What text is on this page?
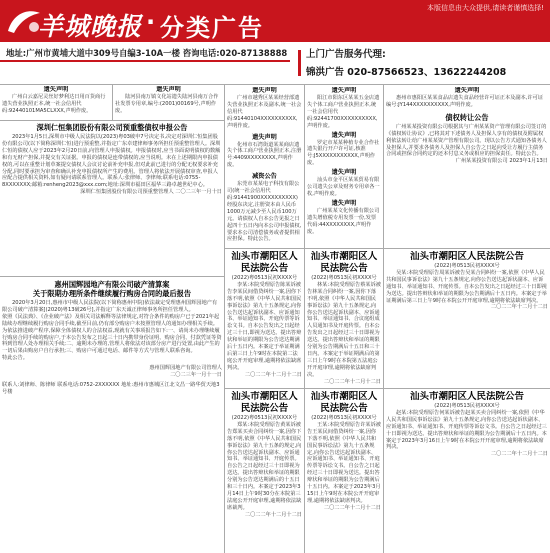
羊城晚报 · 分类广告
本版信息由大众提供,请读者谨慎选择!
地址:广州市黄埔大道中309号自编3-10A一楼 咨询电话:020-87138888	上门广告服务代理:
锦洪广告 020-87566523、13622244208
遗失声明
广州白云嘉尼灵丝好梦利达日用百货商行遗失营业执照正本,统一社会信用代码:92440101MA5CLXXX,声明作废。
遗失声明
陆河县南万镇文化站遗失陆河县南万合作社发票专用章,编号:(2001)00169号,声明作废。
深圳仁恒集团股份有限公司预重整债权申报公告
2023年1月5日,深圳市中级人民法院以(2023)粤03破申7号决定书,决定对深圳仁恒集团股份有限公司(以下简称深圳仁恒)进行预重整,并指定广东卓建律师事务所担任预重整管理人。深圳仁恒的债权人应于2023年2月20日前,向管理人申报债权。申报债权时,应当书面说明债权的数额和有无财产担保,并提交有关证据。申报的债权是连带债权的,应当说明。未在上述期限内申报债权的,可以在重整计划草案提交债权人会议讨论前补充申报,但对此前已进行的分配无权要求补充分配,同时要承担为审查和确认补充申报债权所产生的费用。管理人将依法开展债权审查,申报人应配合提供相关资料,如有疑问请联系管理人。联系人:张律师、李律师;联系电话:0755-8XXXXXXX;邮箱:renheng2023@xxx.com;地址:深圳市福田区福华三路卓越世纪中心。
深圳仁恒集团股份有限公司预重整管理人 二〇二三年一月十日
惠州国辉园地产有限公司破产清算案
关于限期办理所条件继续履行购房合同的最后报告
2020年3月20日,惠州市中级人民法院(以下简称惠州中院)依法裁定受理惠州国辉园地产有限公司破产清算案[(2020)粤13破26号],并指定广东天诚正律师事务所担任管理人。
依照《民法典》、《企业破产法》及相关司法解释等法律规定,对符合条件的购房户已于2021年起陆续办理继续履行购房合同手续,截至目前,仍有部分购房户未按照管理人的通知办理相关手续。为依法推进破产程序,保障全体债权人的合法权益,现就有关事项报告如下:一、请尚未办理继续履行购房合同手续的购房户,于本公告发布之日起三十日内携带身份证明、购房合同、付款凭证等资料到管理人处办理相关手续;二、逾期未办理的,管理人将依法对该部分房产进行处置,由此产生的一切后果由购房户自行承担;三、购房户可通过电话、邮件等方式与管理人联系咨询。
特此公告。
惠州国辉园地产有限公司管理人
二〇二三年一月十一日
联系人:刘律师、陈律师 联系电话:0752-2XXXXXX 地址:惠州市惠城区江北文昌一路华贸天地3号楼
遗失声明
广州市越秀区某某经营部遗失营业执照正本及副本,统一社会信用代码:91440104XXXXXXXXXX,声明作废。
遗失声明
化州市石湾街道某某商店遗失个体工商户营业执照正本,注册号:4409XXXXXXXX,声明作废。
减资公告
东莞市某某电子科技有限公司(统一社会信用代码:91441900XXXXXXXXXX)经股东决定,注册资本由人民币1000万元减少至人民币100万元。请债权人自本公告见报之日起四十五日内向本公司申报债权,要求本公司清偿债务或者提供相应担保。特此公告。
汕头市潮阳区人民法院公告
(2022)粤0513民初XXXX号
李某:本院受理原告陈某诉被告李某民间借贷纠纷一案,因你下落不明,依照《中华人民共和国民事诉讼法》第九十五条规定,向你公告送达起诉状副本、应诉通知书、举证通知书、开庭传票等诉讼文书。自本公告发出之日起经过三十日,即视为送达。提出答辩状和举证的期限为公告送达期满后十五日内。本案定于举证期满后第三日上午9时在本院第二法庭公开开庭审理,逾期将依法缺席判决。
二〇二二年十二月十二日
汕头市潮阳区人民法院公告
(2022)粤0513民初XXXX号
郑某:本院受理原告黄某诉被告郑某买卖合同纠纷一案,因你下落不明,依照《中华人民共和国民事诉讼法》第九十五条的规定,向你公告送达起诉状副本、应诉通知书、举证通知书、开庭传票。自公告之日起经过三十日即视为送达。提出答辩状和举证的期限分别为公告送达期满后的十五日和三十日内。本案定于2023年3月14日上午9时30分在本院第三法庭公开开庭审理,逾期将依法缺席裁判。
二〇二二年十二月十二日
遗失声明
阳江市阳东区某某五金店遗失个体工商户营业执照正本,统一社会信用代码:92441700XXXXXXXXXX,声明作废。
遗失声明
罗定市某某种植专业合作社遗失银行开户许可证,核准号:J5XXXXXXXXXXX,声明作废。
遗失声明
汕头市金平区某某贸易有限公司遗失公章及财务专用章各一枚,声明作废。
遗失声明
广州某某文化传播有限公司遗失增值税专用发票一份,发票代码:44XXXXXXXX,声明作废。
汕头市潮阳区人民法院公告
(2022)粤0513民初XXXX号
林某:本院受理原告蔡某诉被告林某合同纠纷一案,因你下落不明,依照《中华人民共和国民事诉讼法》第九十五条规定,向你公告送达起诉状副本、应诉通知书、举证通知书、合议庭组成人员通知书及开庭传票。自本公告发出之日起经过三十日即视为送达。提出答辩状和举证的期限分别为公告期满后十五日和三十日内。本案定于举证期满后的第三日上午9时在本院第五法庭公开开庭审理,逾期将依法缺席判决。
二〇二二年十二月十二日
汕头市潮阳区人民法院公告
(2022)粤0513民初XXXX号
王某:本院受理原告许某诉被告王某民间借贷纠纷一案,因你下落不明,依照《中华人民共和国民事诉讼法》第九十五条规定,向你公告送达起诉状副本、应诉通知书、举证通知书、开庭传票等诉讼文书。自公告之日起经过三十日即视为送达。提出答辩状和举证的期限为公告期满后十五日内。本案定于2023年3月15日上午9时在本院公开开庭审理,逾期将依法缺席判决。
二〇二二年十二月十二日
遗失声明
惠州市惠阳区某某食品店遗失食品经营许可证正本及副本,许可证编号:JY144XXXXXXXXXX,声明作废。
债权转让公告
广州某某投资有限公司根据其与广州某某资产管理有限公司签订的《债权转让协议》,已将其对下述债务人及担保人享有的债权及附属权利依法转让给广州某某资产管理有限公司。现以公告方式通知各债务人及担保人,并要求各债务人及担保人自公告之日起向受让方履行主债务合同或担保合同约定的还本付息义务或相应的担保责任。特此公告。
广州某某投资有限公司 2023年1月13日
汕头市潮阳区人民法院公告
(2022)粤0513民初XXXX号
吴某:本院受理原告周某诉被告吴某合同纠纷一案,依照《中华人民共和国民事诉讼法》第九十五条规定,向你公告送达起诉状副本、应诉通知书、举证通知书、开庭传票。自本公告发出之日起经过三十日即视为送达。提出答辩状和举证的期限为公告期满后十五日内。本案定于举证期满后第三日上午9时在本院公开开庭审理,逾期将依法缺席判决。
二〇二二年十二月十二日
汕头市潮阳区人民法院公告
(2022)粤0513民初XXXX号
赵某:本院受理原告何某诉被告赵某买卖合同纠纷一案,依照《中华人民共和国民事诉讼法》第九十五条规定,向你公告送达起诉状副本、应诉通知书、举证通知书、开庭传票等诉讼文书。自公告之日起经过三十日即视为送达。提出答辩状和举证的期限为公告期满后十五日内。本案定于2023年3月16日上午9时在本院公开开庭审理,逾期将依法缺席判决。
二〇二二年十二月十二日
